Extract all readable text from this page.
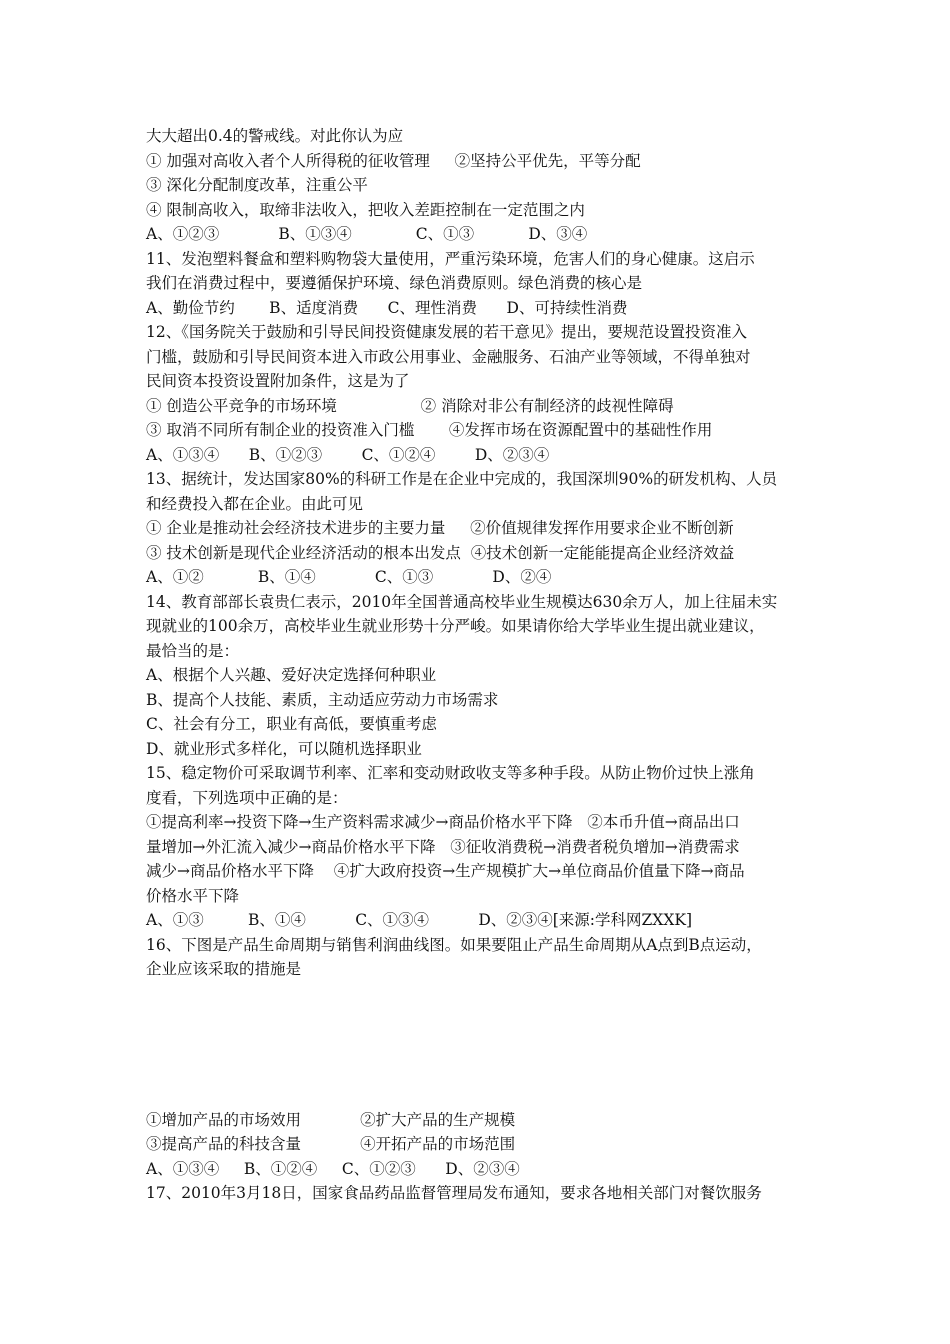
大大超出0.4的警戒线。对此你认为应
① 加强对高收入者个人所得税的征收管理     ②坚持公平优先，平等分配
③ 深化分配制度改革，注重公平
④ 限制高收入，取缔非法收入，把收入差距控制在一定范围之内
A、①②③            B、①③④             C、①③           D、③④
11、发泡塑料餐盒和塑料购物袋大量使用，严重污染环境，危害人们的身心健康。这启示
我们在消费过程中，要遵循保护环境、绿色消费原则。绿色消费的核心是
A、勤俭节约       B、适度消费      C、理性消费      D、可持续性消费
12、《国务院关于鼓励和引导民间投资健康发展的若干意见》提出，要规范设置投资准入
门槛，鼓励和引导民间资本进入市政公用事业、金融服务、石油产业等领域，不得单独对
民间资本投资设置附加条件，这是为了
① 创造公平竞争的市场环境                 ② 消除对非公有制经济的歧视性障碍
③ 取消不同所有制企业的投资准入门槛       ④发挥市场在资源配置中的基础性作用
A、①③④      B、①②③        C、①②④        D、②③④
13、据统计，发达国家80%的科研工作是在企业中完成的，我国深圳90%的研发机构、人员
和经费投入都在企业。由此可见
① 企业是推动社会经济技术进步的主要力量     ②价值规律发挥作用要求企业不断创新
③ 技术创新是现代企业经济活动的根本出发点  ④技术创新一定能能提高企业经济效益
A、①②           B、①④            C、①③            D、②④
14、教育部部长袁贵仁表示，2010年全国普通高校毕业生规模达630余万人，加上往届未实
现就业的100余万，高校毕业生就业形势十分严峻。如果请你给大学毕业生提出就业建议，
最恰当的是：
A、根据个人兴趣、爱好决定选择何种职业
B、提高个人技能、素质，主动适应劳动力市场需求
C、社会有分工，职业有高低，要慎重考虑
D、就业形式多样化，可以随机选择职业
15、稳定物价可采取调节利率、汇率和变动财政收支等多种手段。从防止物价过快上涨角
度看，下列选项中正确的是：
①提高利率→投资下降→生产资料需求减少→商品价格水平下降   ②本币升值→商品出口
量增加→外汇流入减少→商品价格水平下降   ③征收消费税→消费者税负增加→消费需求
减少→商品价格水平下降    ④扩大政府投资→生产规模扩大→单位商品价值量下降→商品
价格水平下降
A、①③         B、①④          C、①③④          D、②③④[来源:学科网ZXXK]
16、下图是产品生命周期与销售利润曲线图。如果要阻止产品生命周期从A点到B点运动，
企业应该采取的措施是
①增加产品的市场效用            ②扩大产品的生产规模
③提高产品的科技含量            ④开拓产品的市场范围
A、①③④     B、①②④     C、①②③      D、②③④
17、2010年3月18日，国家食品药品监督管理局发布通知，要求各地相关部门对餐饮服务
